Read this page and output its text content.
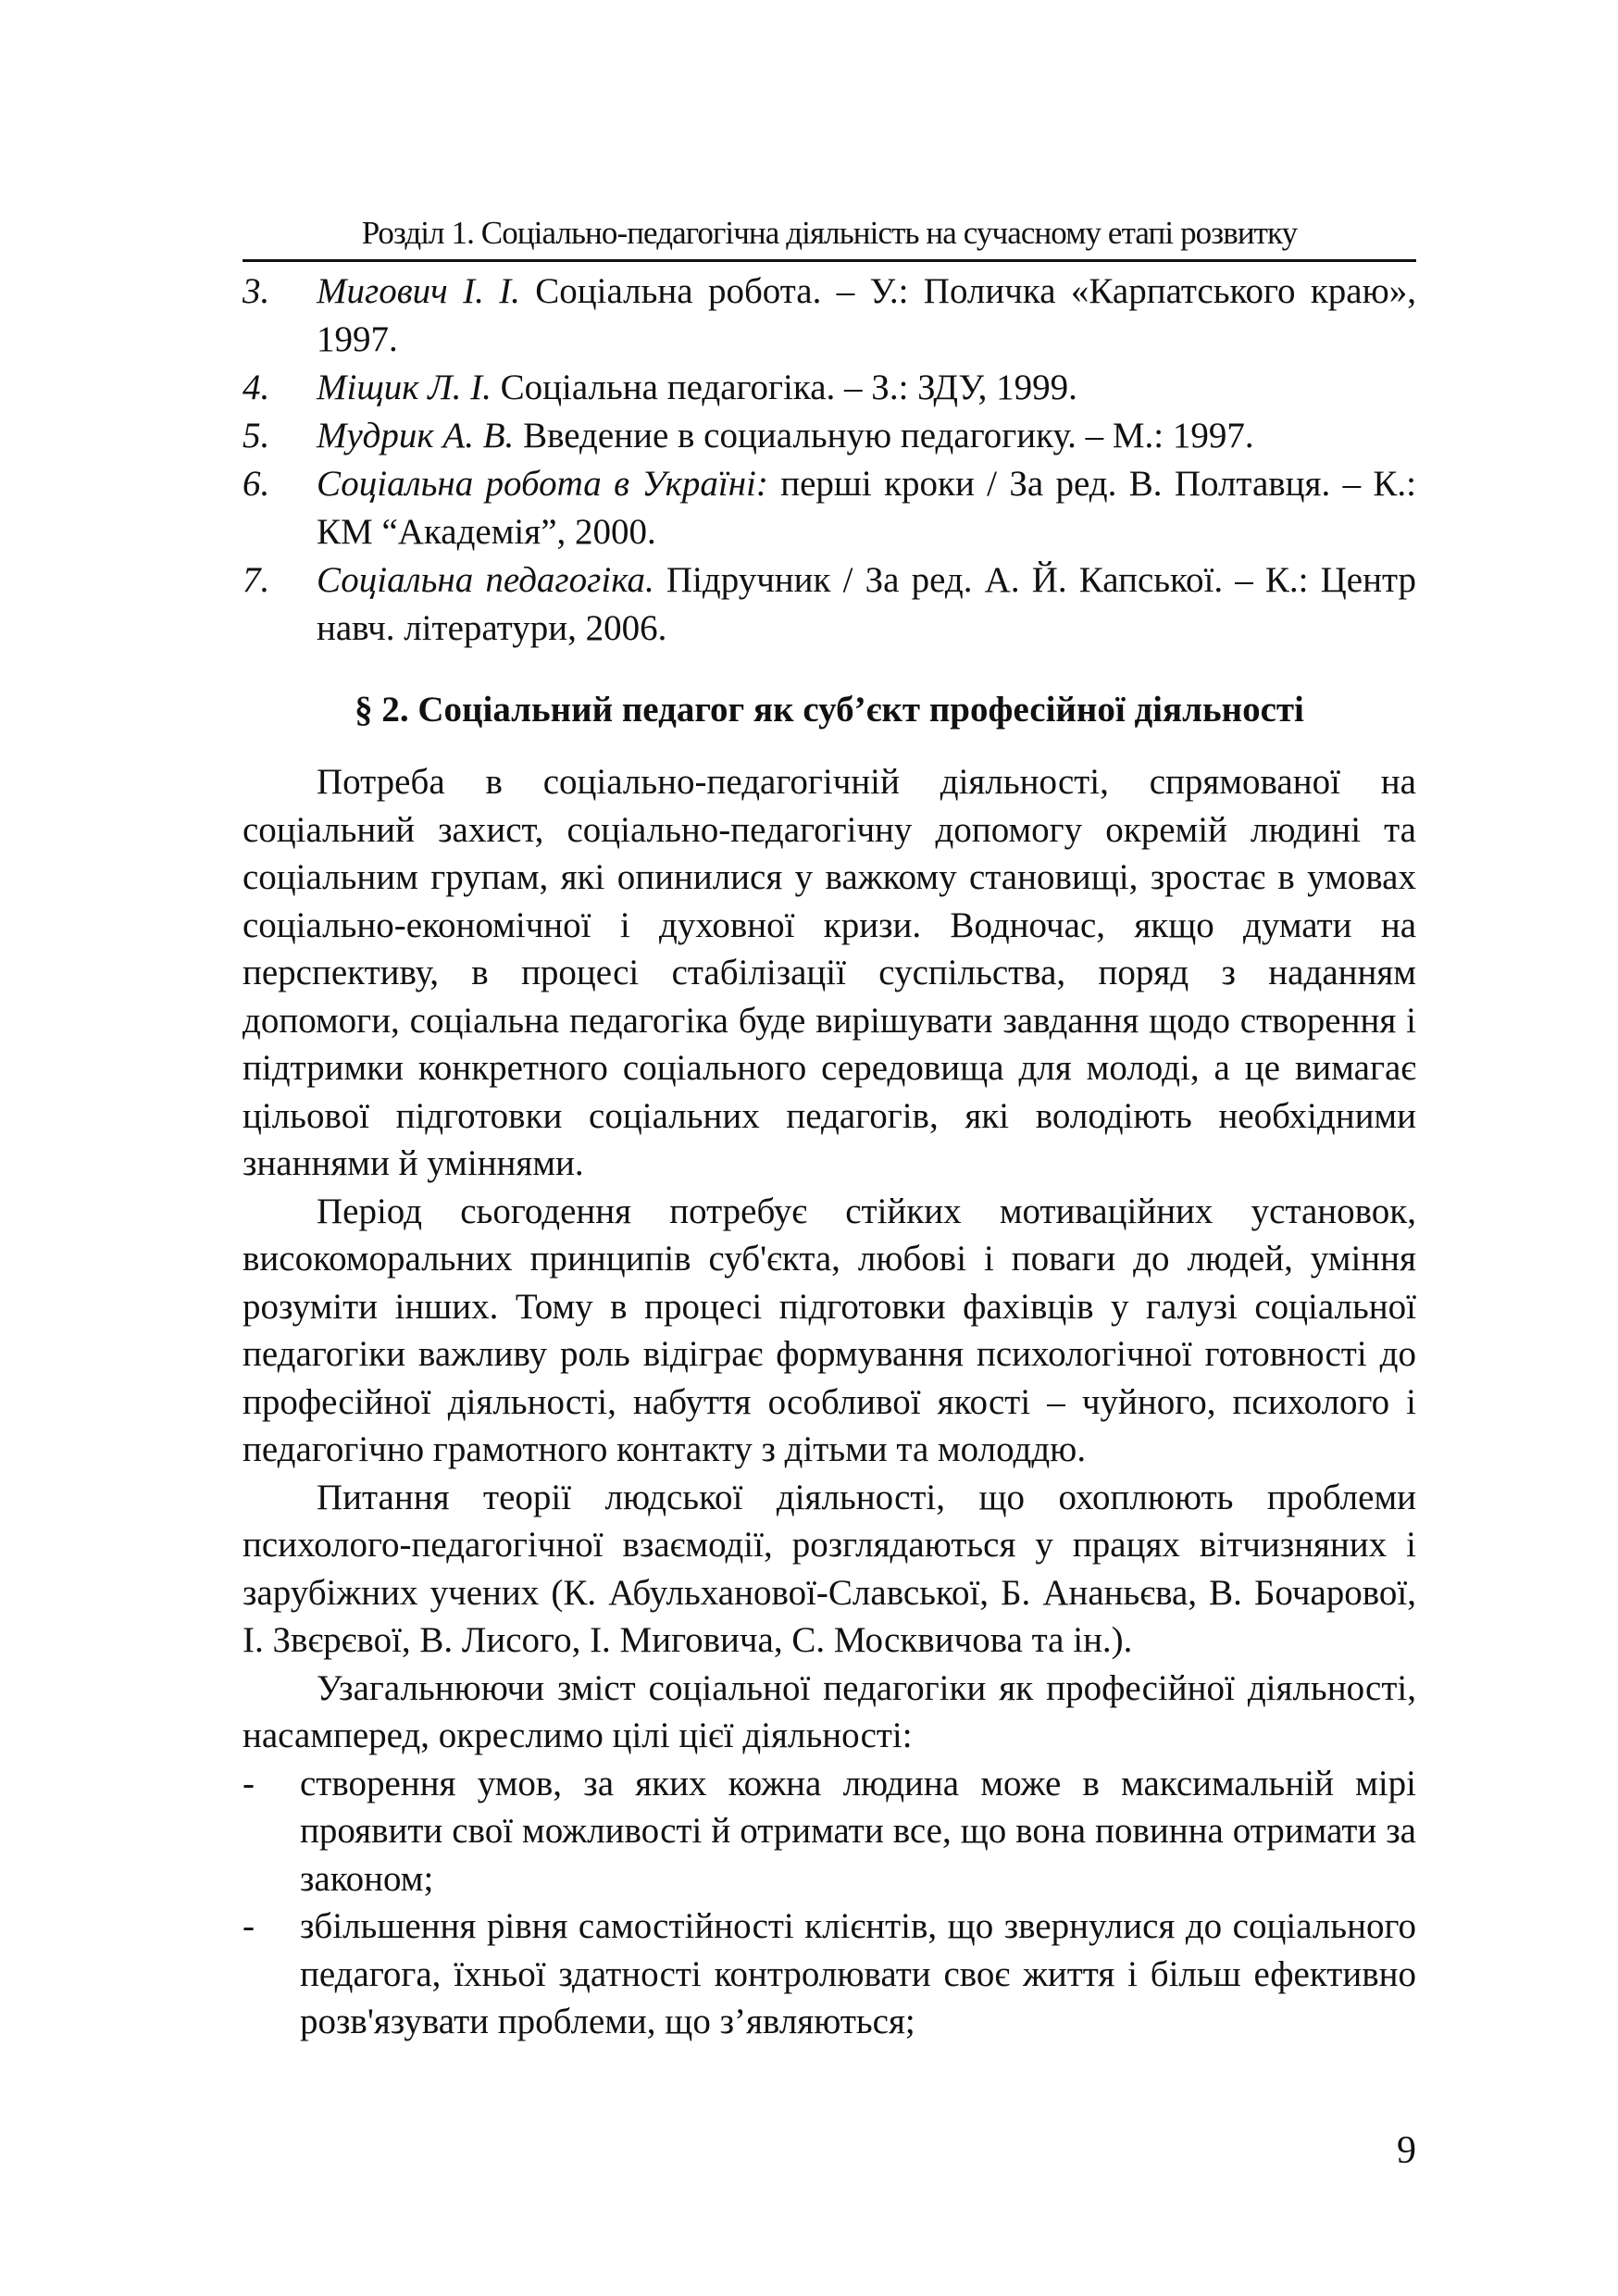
Розділ 1. Соціально-педагогічна діяльність на сучасному етапі розвитку
3. Мигович І. І. Соціальна робота. – У.: Поличка «Карпатського краю», 1997.
4. Міщик Л. І. Соціальна педагогіка. – З.: ЗДУ, 1999.
5. Мудрик А. В. Введение в социальную педагогику. – М.: 1997.
6. Соціальна робота в Україні: перші кроки / За ред. В. Полтавця. – К.: КМ “Академія”, 2000.
7. Соціальна педагогіка. Підручник / За ред. А. Й. Капської. – К.: Центр навч. літератури, 2006.
§ 2. Соціальний педагог як суб’єкт професійної діяльності

Потреба в соціально-педагогічній діяльності, спрямованої на соціальний захист, соціально-педагогічну допомогу окремій людині та соціальним групам, які опинилися у важкому становищі, зростає в умовах соціально-економічної і духовної кризи. Водночас, якщо думати на перспективу, в процесі стабілізації суспільства, поряд з наданням допомоги, соціальна педагогіка буде вирішувати завдання щодо створення і підтримки конкретного соціального середовища для молоді, а це вимагає цільової підготовки соціальних педагогів, які володіють необхідними знаннями й уміннями.

Період сьогодення потребує стійких мотиваційних установок, високоморальних принципів суб'єкта, любові і поваги до людей, уміння розуміти інших. Тому в процесі підготовки фахівців у галузі соціальної педагогіки важливу роль відіграє формування психологічної готовності до професійної діяльності, набуття особливої якості – чуйного, психолого і педагогічно грамотного контакту з дітьми та молоддю.

Питання теорії людської діяльності, що охоплюють проблеми психолого-педагогічної взаємодії, розглядаються у працях вітчизняних і зарубіжних учених (К. Абульханової-Славської, Б. Ананьєва, В. Бочарової, І. Звєрєвої, В. Лисого, І. Миговича, С. Москвичова та ін.).

Узагальнюючи зміст соціальної педагогіки як професійної діяльності, насамперед, окреслимо цілі цієї діяльності:

- створення умов, за яких кожна людина може в максимальній мірі проявити свої можливості й отримати все, що вона повинна отримати за законом;
- збільшення рівня самостійності клієнтів, що звернулися до соціального педагога, їхньої здатності контролювати своє життя і більш ефективно розв'язувати проблеми, що з’являються;
9
